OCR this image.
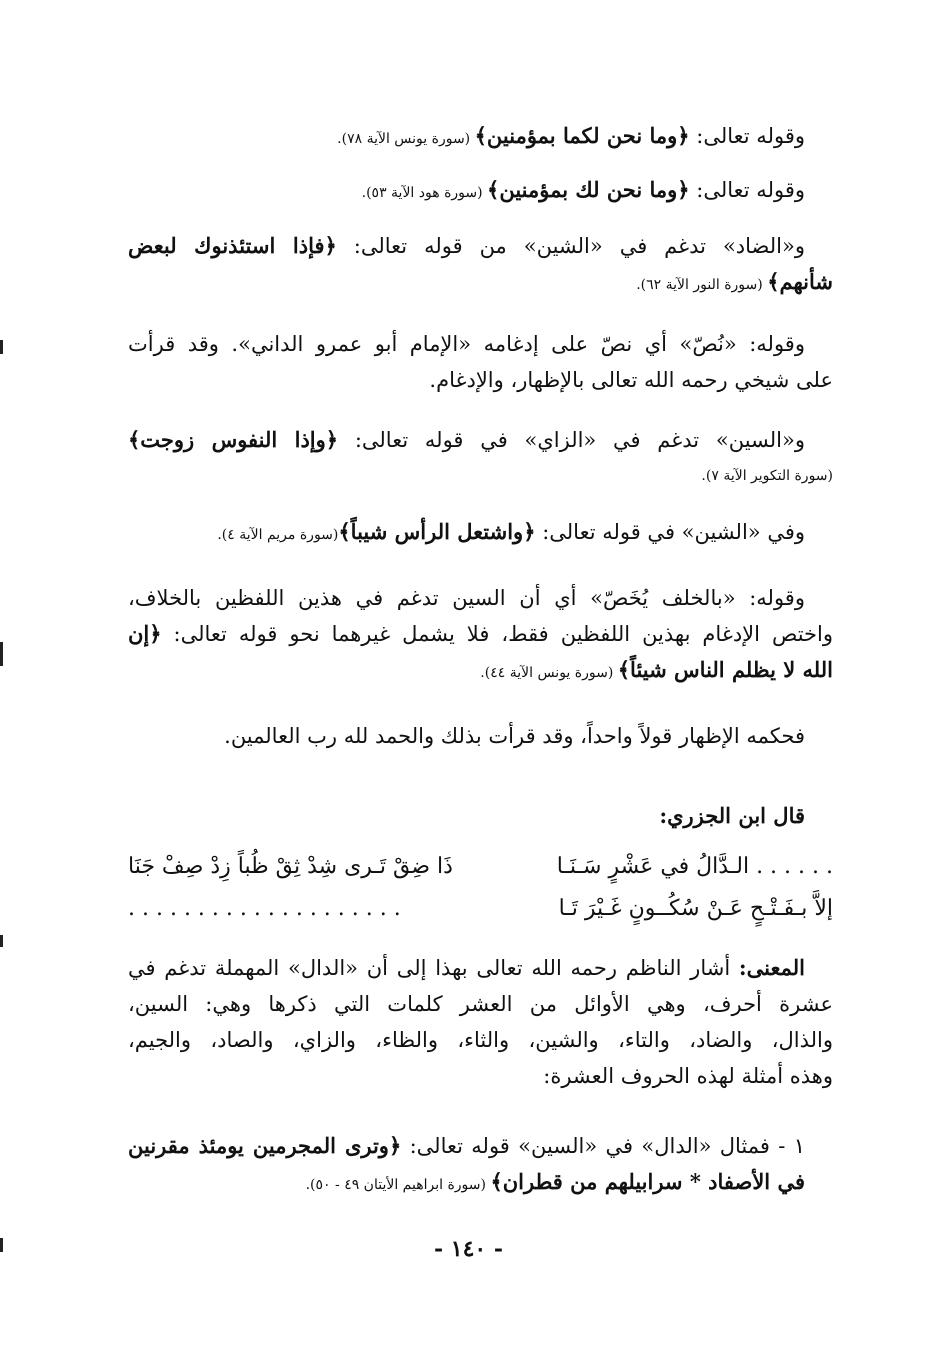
وقوله تعالى: ﴿وما نحن لكما بمؤمنين﴾ (سورة يونس الآية ٧٨).
وقوله تعالى: ﴿وما نحن لك بمؤمنين﴾ (سورة هود الآية ٥٣).
و«الضاد» تدغم في «الشين» من قوله تعالى: ﴿فإذا استئذنوك لبعض
شأنهم﴾ (سورة النور الآية ٦٢).
وقوله: «نُصّ» أي نصّ على إدغامه «الإمام أبو عمرو الداني». وقد قرأت
على شيخي رحمه الله تعالى بالإظهار، والإدغام.
و«السين» تدغم في «الزاي» في قوله تعالى: ﴿وإذا النفوس زوجت﴾
(سورة التكوير الآية ٧).
وفي «الشين» في قوله تعالى: ﴿واشتعل الرأس شيباً﴾(سورة مريم الآية ٤).
وقوله: «بالخلف يُخَصّ» أي أن السين تدغم في هذين اللفظين بالخلاف،
واختص الإدغام بهذين اللفظين فقط، فلا يشمل غيرهما نحو قوله تعالى: ﴿إن
الله لا يظلم الناس شيئاً﴾ (سورة يونس الآية ٤٤).
فحكمه الإظهار قولاً واحداً، وقد قرأت بذلك والحمد لله رب العالمين.
قال ابن الجزري:
. . . . . . الـدَّالُ في عَشْرٍ سَـنَـا
ذَا ضِقْ تَـرى شِدْ ثِقْ ظُباً زِدْ صِفْ جَنَا
إلاَّ بـفَـتْـحٍ عَـنْ سُكُــونٍ غَـيْرَ تَـا
. . . . . . . . . . . . . . . . . . . .
المعنى: أشار الناظم رحمه الله تعالى بهذا إلى أن «الدال» المهملة تدغم في
عشرة أحرف، وهي الأوائل من العشر كلمات التي ذكرها وهي: السين،
والذال، والضاد، والتاء، والشين، والثاء، والظاء، والزاي، والصاد، والجيم،
وهذه أمثلة لهذه الحروف العشرة:
١ - فمثال «الدال» في «السين» قوله تعالى: ﴿وترى المجرمين يومئذ مقرنين
في الأصفاد * سرابيلهم من قطران﴾ (سورة ابراهيم الأيتان ٤٩ - ٥٠).
- ١٤٠ -
